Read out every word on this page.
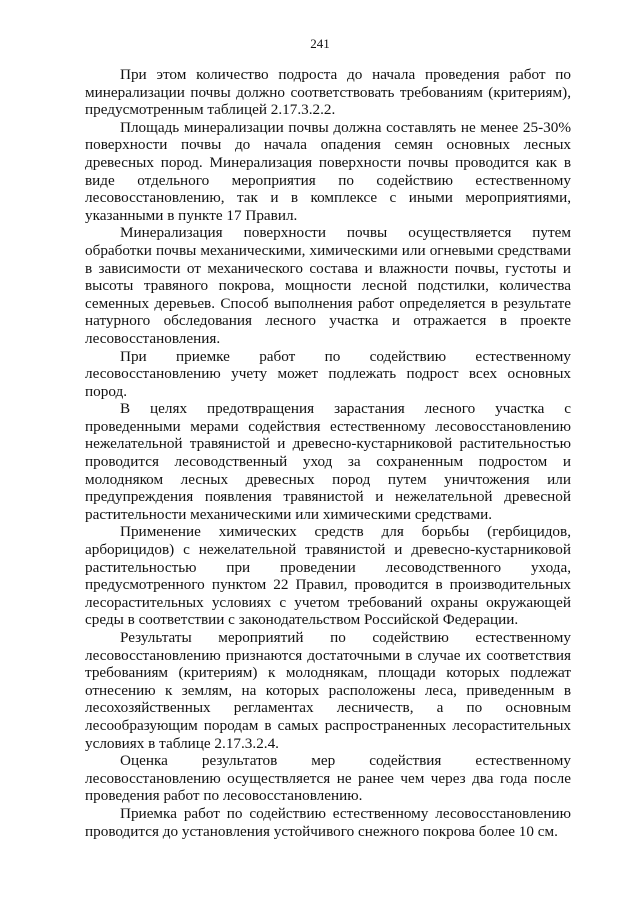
241

При этом количество подроста до начала проведения работ по минерализации почвы должно соответствовать требованиям (критериям), предусмотренным таблицей 2.17.3.2.2.

Площадь минерализации почвы должна составлять не менее 25-30% поверхности почвы до начала опадения семян основных лесных древесных пород. Минерализация поверхности почвы проводится как в виде отдельного мероприятия по содействию естественному лесовосстановлению, так и в комплексе с иными мероприятиями, указанными в пункте 17 Правил.

Минерализация поверхности почвы осуществляется путем обработки почвы механическими, химическими или огневыми средствами в зависимости от механического состава и влажности почвы, густоты и высоты травяного покрова, мощности лесной подстилки, количества семенных деревьев. Способ выполнения работ определяется в результате натурного обследования лесного участка и отражается в проекте лесовосстановления.

При приемке работ по содействию естественному лесовосстановлению учету может подлежать подрост всех основных пород.

В целях предотвращения зарастания лесного участка с проведенными мерами содействия естественному лесовосстановлению нежелательной травянистой и древесно-кустарниковой растительностью проводится лесоводственный уход за сохраненным подростом и молодняком лесных древесных пород путем уничтожения или предупреждения появления травянистой и нежелательной древесной растительности механическими или химическими средствами.

Применение химических средств для борьбы (гербицидов, арборицидов) с нежелательной травянистой и древесно-кустарниковой растительностью при проведении лесоводственного ухода, предусмотренного пунктом 22 Правил, проводится в производительных лесорастительных условиях с учетом требований охраны окружающей среды в соответствии с законодательством Российской Федерации.

Результаты мероприятий по содействию естественному лесовосстановлению признаются достаточными в случае их соответствия требованиям (критериям) к молоднякам, площади которых подлежат отнесению к землям, на которых расположены леса, приведенным в лесохозяйственных регламентах лесничеств, а по основным лесообразующим породам в самых распространенных лесорастительных условиях в таблице 2.17.3.2.4.

Оценка результатов мер содействия естественному лесовосстановлению осуществляется не ранее чем через два года после проведения работ по лесовосстановлению.

Приемка работ по содействию естественному лесовосстановлению проводится до установления устойчивого снежного покрова более 10 см.
